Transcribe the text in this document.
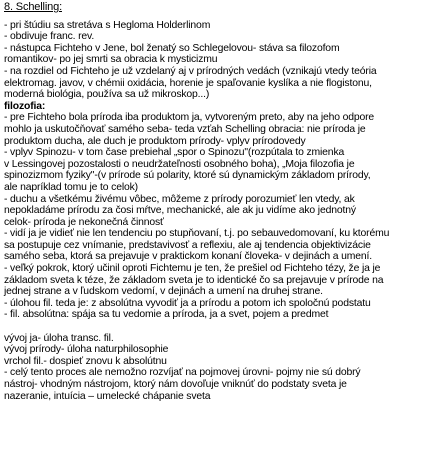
8. Schelling:
- pri štúdiu sa stretáva s Hegloma Holderlinom
- obdivuje franc. rev.
- nástupca Fichteho v Jene, bol ženatý so Schlegelovou- stáva sa filozofom
romantikov- po jej smrti sa obracia k mysticizmu
- na rozdiel od Fichteho je už vzdelaný aj v prírodných vedách (vznikajú vtedy teória
elektromag. javov, v chémii oxidácia, horenie je spaľovanie kyslíka a nie flogistonu,
moderná biológia, používa sa už mikroskop...)
filozofia:
- pre Fichteho bola príroda iba produktom ja, vytvoreným preto, aby na jeho odpore
mohlo ja uskutočňovať samého seba- teda vzťah Schelling obracia: nie príroda je
produktom ducha, ale duch je produktom prírody- vplyv prírodovedy
- vplyv Spinozu- v tom čase prebiehal „spor o Spinozu"(rozpútala to zmienka
v Lessingovej pozostalosti o neudržateľnosti osobného boha), „Moja filozofia je
spinozizmom fyziky"-(v prírode sú polarity, ktoré sú dynamickým základom prírody,
ale napríklad tomu je to celok)
- duchu a všetkému živému vôbec, môžeme z prírody porozumieť len vtedy, ak
nepokladáme prírodu za čosi mŕtve, mechanické, ale ak ju vidíme ako jednotný
celok- príroda je nekonečná činnosť
- vidí ja je vidieť nie len tendenciu po stupňovaní, t.j. po sebauvedomovaní, ku ktorému
sa postupuje cez vnímanie, predstavivosť a reflexiu, ale aj tendencia objektivizácie
samého seba, ktorá sa prejavuje v praktickom konaní človeka- v dejinách a umení.
- veľký pokrok, ktorý učinil oproti Fichtemu je ten, že prešiel od Fichteho tézy, že ja je
základom sveta k téze, že základom sveta je to identické čo sa prejavuje v prírode na
jednej strane a v ľudskom vedomí, v dejinách a umení na druhej strane.
- úlohou fil. teda je: z absolútna vyvodiť ja a prírodu a potom ich spoločnú podstatu
- fil. absolútna: spája sa tu vedomie a príroda, ja a svet, pojem a predmet
vývoj ja- úloha transc. fil.
vývoj prírody- úloha naturphilosophie
vrchol fil.- dospieť znovu k absolútnu
- celý tento proces ale nemožno rozvíjať na pojmovej úrovni- pojmy nie sú dobrý
nástroj- vhodným nástrojom, ktorý nám dovoľuje vniknúť do podstaty sveta je
nazeranie, intuícia – umelecké chápanie sveta
